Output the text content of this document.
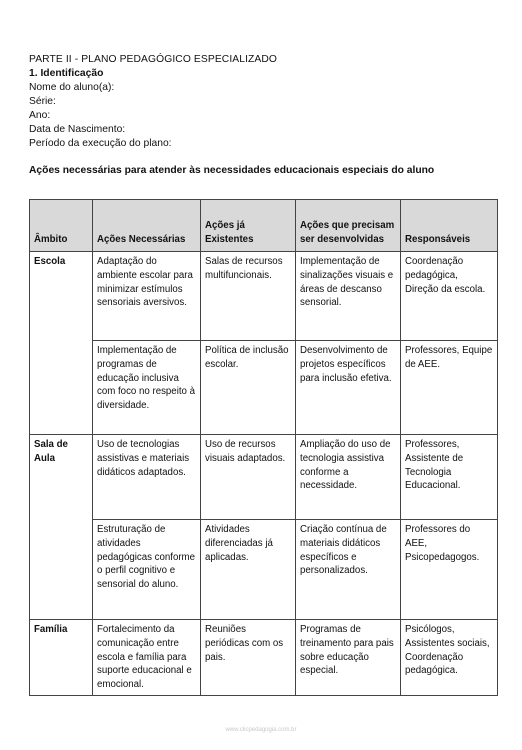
PARTE II - PLANO PEDAGÓGICO ESPECIALIZADO
1. Identificação
Nome do aluno(a):
Série:
Ano:
Data de Nascimento:
Período da execução do plano:
Ações necessárias para atender às necessidades educacionais especiais do aluno
Âmbito	Ações Necessárias	Ações já Existentes	Ações que precisam ser desenvolvidas	Responsáveis
Escola	Adaptação do ambiente escolar para minimizar estímulos sensoriais aversivos.	Salas de recursos multifuncionais.	Implementação de sinalizações visuais e áreas de descanso sensorial.	Coordenação pedagógica, Direção da escola.
	Implementação de programas de educação inclusiva com foco no respeito à diversidade.	Política de inclusão escolar.	Desenvolvimento de projetos específicos para inclusão efetiva.	Professores, Equipe de AEE.
Sala de Aula	Uso de tecnologias assistivas e materiais didáticos adaptados.	Uso de recursos visuais adaptados.	Ampliação do uso de tecnologia assistiva conforme a necessidade.	Professores, Assistente de Tecnologia Educacional.
	Estruturação de atividades pedagógicas conforme o perfil cognitivo e sensorial do aluno.	Atividades diferenciadas já aplicadas.	Criação contínua de materiais didáticos específicos e personalizados.	Professores do AEE, Psicopedagogos.
Família	Fortalecimento da comunicação entre escola e família para suporte educacional e emocional.	Reuniões periódicas com os pais.	Programas de treinamento para pais sobre educação especial.	Psicólogos, Assistentes sociais, Coordenação pedagógica.
www.clicpedagogia.com.br
